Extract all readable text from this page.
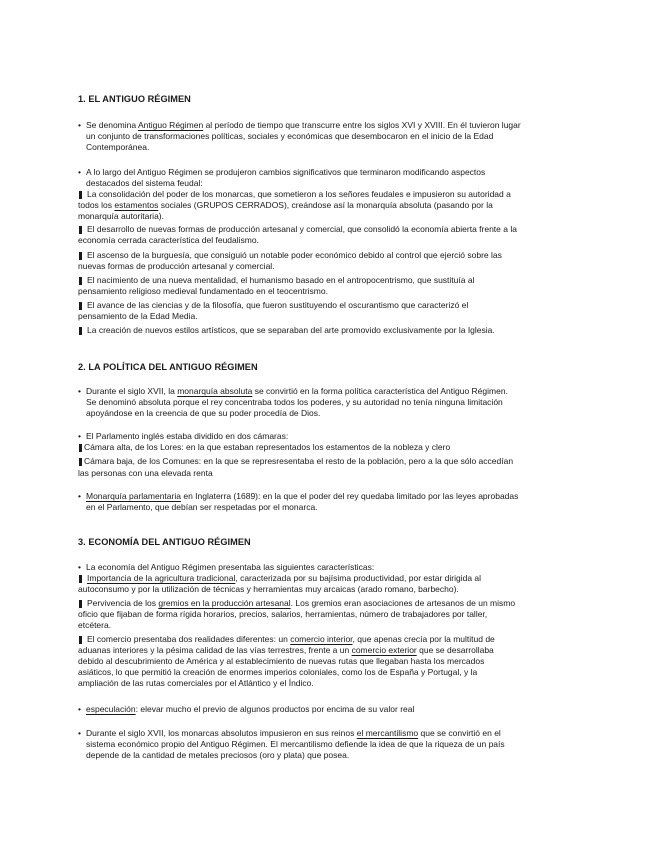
1. EL ANTIGUO RÉGIMEN
• Se denomina Antiguo Régimen al período de tiempo que transcurre entre los siglos XVI y XVIII. En él tuvieron lugar
un conjunto de transformaciones políticas, sociales y económicas que desembocaron en el inicio de la Edad
Contemporánea.
• A lo largo del Antiguo Régimen se produjeron cambios significativos que terminaron modificando aspectos
destacados del sistema feudal:
La consolidación del poder de los monarcas, que sometieron a los señores feudales e impusieron su autoridad a
todos los estamentos sociales (GRUPOS CERRADOS), creándose así la monarquía absoluta (pasando por la
monarquía autoritaria).
El desarrollo de nuevas formas de producción artesanal y comercial, que consolidó la economía abierta frente a la
economía cerrada característica del feudalismo.
El ascenso de la burguesía, que consiguió un notable poder económico debido al control que ejerció sobre las
nuevas formas de producción artesanal y comercial.
El nacimiento de una nueva mentalidad, el humanismo basado en el antropocentrismo, que sustituía al
pensamiento religioso medieval fundamentado en el teocentrismo.
El avance de las ciencias y de la filosofía, que fueron sustituyendo el oscurantismo que caracterizó el
pensamiento de la Edad Media.
La creación de nuevos estilos artísticos, que se separaban del arte promovido exclusivamente por la Iglesia.
2. LA POLÍTICA DEL ANTIGUO RÉGIMEN
• Durante el siglo XVII, la monarquía absoluta se convirtió en la forma política característica del Antiguo Régimen.
Se denominó absoluta porque el rey concentraba todos los poderes, y su autoridad no tenía ninguna limitación
apoyándose en la creencia de que su poder procedía de Dios.
• El Parlamento inglés estaba dividido en dos cámaras:
Cámara alta, de los Lores: en la que estaban representados los estamentos de la nobleza y clero
Cámara baja, de los Comunes: en la que se represresentaba el resto de la población, pero a la que sólo accedían
las personas con una elevada renta
• Monarquía parlamentaria en Inglaterra (1689): en la que el poder del rey quedaba limitado por las leyes aprobadas
en el Parlamento, que debían ser respetadas por el monarca.
3. ECONOMÍA DEL ANTIGUO RÉGIMEN
• La economía del Antiguo Régimen presentaba las siguientes características:
Importancia de la agricultura tradicional, caracterizada por su bajísima productividad, por estar dirigida al
autoconsumo y por la utilización de técnicas y herramientas muy arcaicas (arado romano, barbecho).
Pervivencia de los gremios en la producción artesanal. Los gremios eran asociaciones de artesanos de un mismo
oficio que fijaban de forma rígida horarios, precios, salarios, herramientas, número de trabajadores por taller,
etcétera.
El comercio presentaba dos realidades diferentes: un comercio interior, que apenas crecía por la multitud de
aduanas interiores y la pésima calidad de las vías terrestres, frente a un comercio exterior que se desarrollaba
debido al descubrimiento de América y al establecimiento de nuevas rutas que llegaban hasta los mercados
asiáticos, lo que permitió la creación de enormes imperios coloniales, como los de España y Portugal, y la
ampliación de las rutas comerciales por el Atlántico y el Índico.
• especulación: elevar mucho el previo de algunos productos por encima de su valor real
• Durante el siglo XVII, los monarcas absolutos impusieron en sus reinos el mercantilismo que se convirtió en el
sistema económico propio del Antiguo Régimen. El mercantilismo defiende la idea de que la riqueza de un país
depende de la cantidad de metales preciosos (oro y plata) que posea.
